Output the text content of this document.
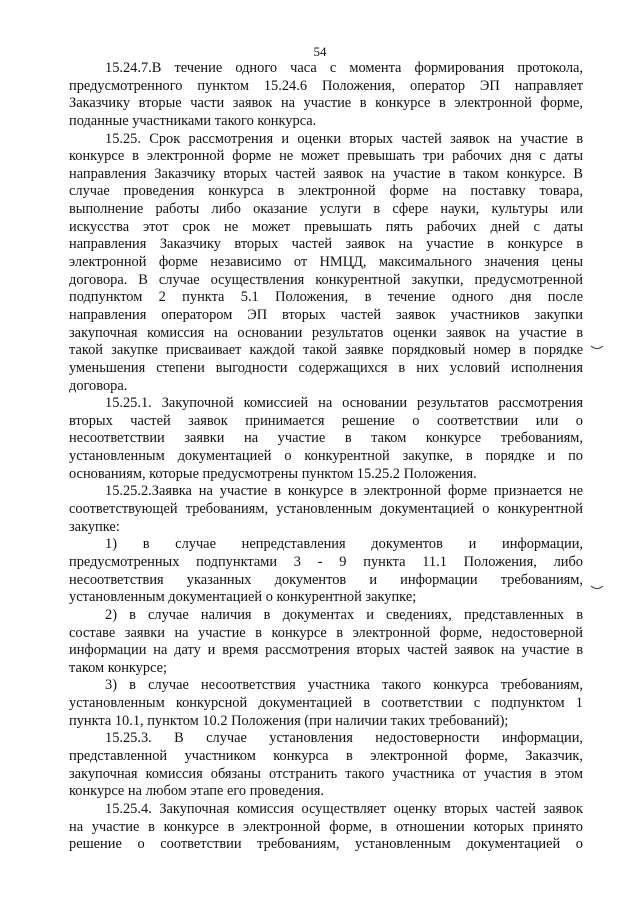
54
15.24.7.В течение одного часа с момента формирования протокола,
предусмотренного пунктом 15.24.6 Положения, оператор ЭП направляет
Заказчику вторые части заявок на участие в конкурсе в электронной форме,
поданные участниками такого конкурса.
15.25. Срок рассмотрения и оценки вторых частей заявок на участие в
конкурсе в электронной форме не может превышать три рабочих дня с даты
направления Заказчику вторых частей заявок на участие в таком конкурсе. В
случае проведения конкурса в электронной форме на поставку товара,
выполнение работы либо оказание услуги в сфере науки, культуры или
искусства этот срок не может превышать пять рабочих дней с даты
направления Заказчику вторых частей заявок на участие в конкурсе в
электронной форме независимо от НМЦД, максимального значения цены
договора. В случае осуществления конкурентной закупки, предусмотренной
подпунктом 2 пункта 5.1 Положения, в течение одного дня после
направления оператором ЭП вторых частей заявок участников закупки
закупочная комиссия на основании результатов оценки заявок на участие в
такой закупке присваивает каждой такой заявке порядковый номер в порядке
уменьшения степени выгодности содержащихся в них условий исполнения
договора.
15.25.1. Закупочной комиссией на основании результатов рассмотрения
вторых частей заявок принимается решение о соответствии или о
несоответствии заявки на участие в таком конкурсе требованиям,
установленным документацией о конкурентной закупке, в порядке и по
основаниям, которые предусмотрены пунктом 15.25.2 Положения.
15.25.2.Заявка на участие в конкурсе в электронной форме признается не
соответствующей требованиям, установленным документацией о конкурентной
закупке:
1) в случае непредставления документов и информации,
предусмотренных подпунктами 3 - 9 пункта 11.1 Положения, либо
несоответствия указанных документов и информации требованиям,
установленным документацией о конкурентной закупке;
2) в случае наличия в документах и сведениях, представленных в
составе заявки на участие в конкурсе в электронной форме, недостоверной
информации на дату и время рассмотрения вторых частей заявок на участие в
таком конкурсе;
3) в случае несоответствия участника такого конкурса требованиям,
установленным конкурсной документацией в соответствии с подпунктом 1
пункта 10.1, пунктом 10.2 Положения (при наличии таких требований);
15.25.3. В случае установления недостоверности информации,
представленной участником конкурса в электронной форме, Заказчик,
закупочная комиссия обязаны отстранить такого участника от участия в этом
конкурсе на любом этапе его проведения.
15.25.4. Закупочная комиссия осуществляет оценку вторых частей заявок
на участие в конкурсе в электронной форме, в отношении которых принято
решение о соответствии требованиям, установленным документацией о
